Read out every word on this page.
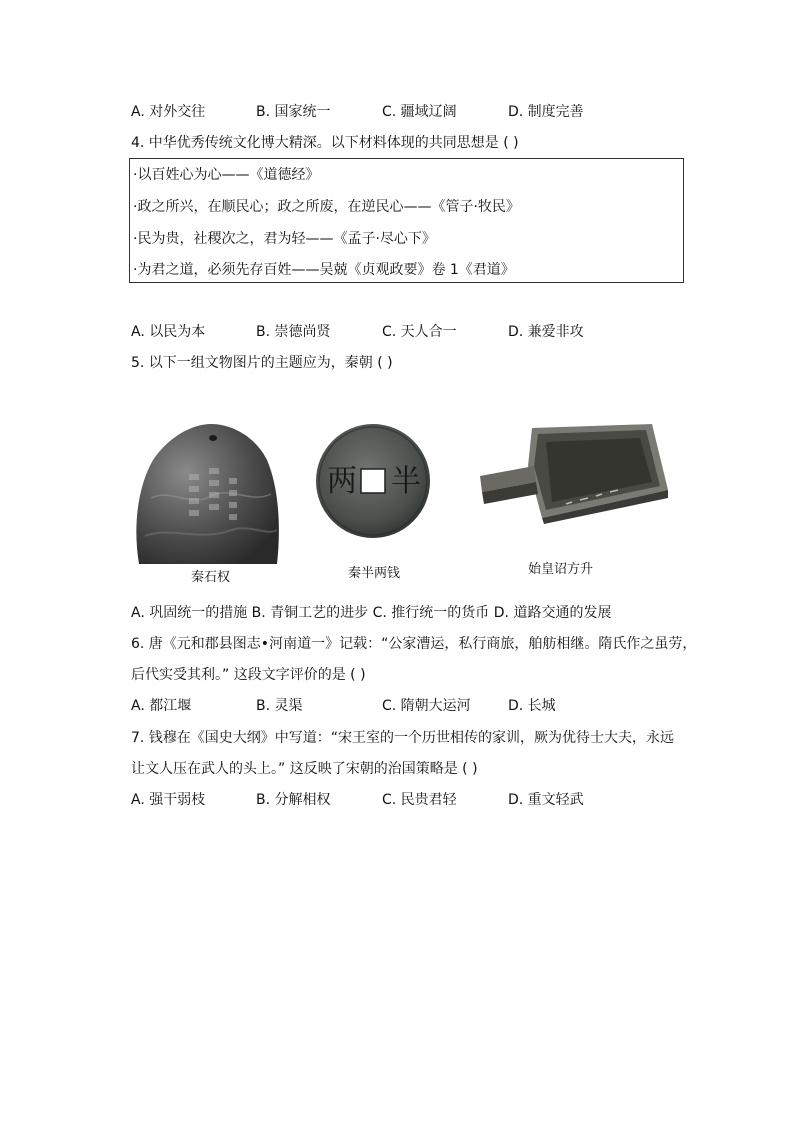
A. 对外交往	B. 国家统一	C. 疆域辽阔	D. 制度完善
4. 中华优秀传统文化博大精深。以下材料体现的共同思想是 ( )
·以百姓心为心——《道德经》
·政之所兴，在顺民心；政之所废，在逆民心——《管子·牧民》
·民为贵，社稷次之，君为轻——《孟子·尽心下》
·为君之道，必须先存百姓——吴兢《贞观政要》卷 1《君道》
A. 以民为本	B. 崇德尚贤	C. 天人合一	D. 兼爱非攻
5. 以下一组文物图片的主题应为，秦朝 ( )
半
两
秦石权	秦半两钱	始皇诏方升
A. 巩固统一的措施 B. 青铜工艺的进步 C. 推行统一的货币 D. 道路交通的发展
6. 唐《元和郡县图志•河南道一》记载：“公家漕运，私行商旅，舶舫相继。隋氏作之虽劳，
后代实受其利。” 这段文字评价的是 ( )
A. 都江堰	B. 灵渠	C. 隋朝大运河	D. 长城
7. 钱穆在《国史大纲》中写道：“宋王室的一个历世相传的家训，厥为优待士大夫，永远
让文人压在武人的头上。” 这反映了宋朝的治国策略是 ( )
A. 强干弱枝	B. 分解相权	C. 民贵君轻	D. 重文轻武
